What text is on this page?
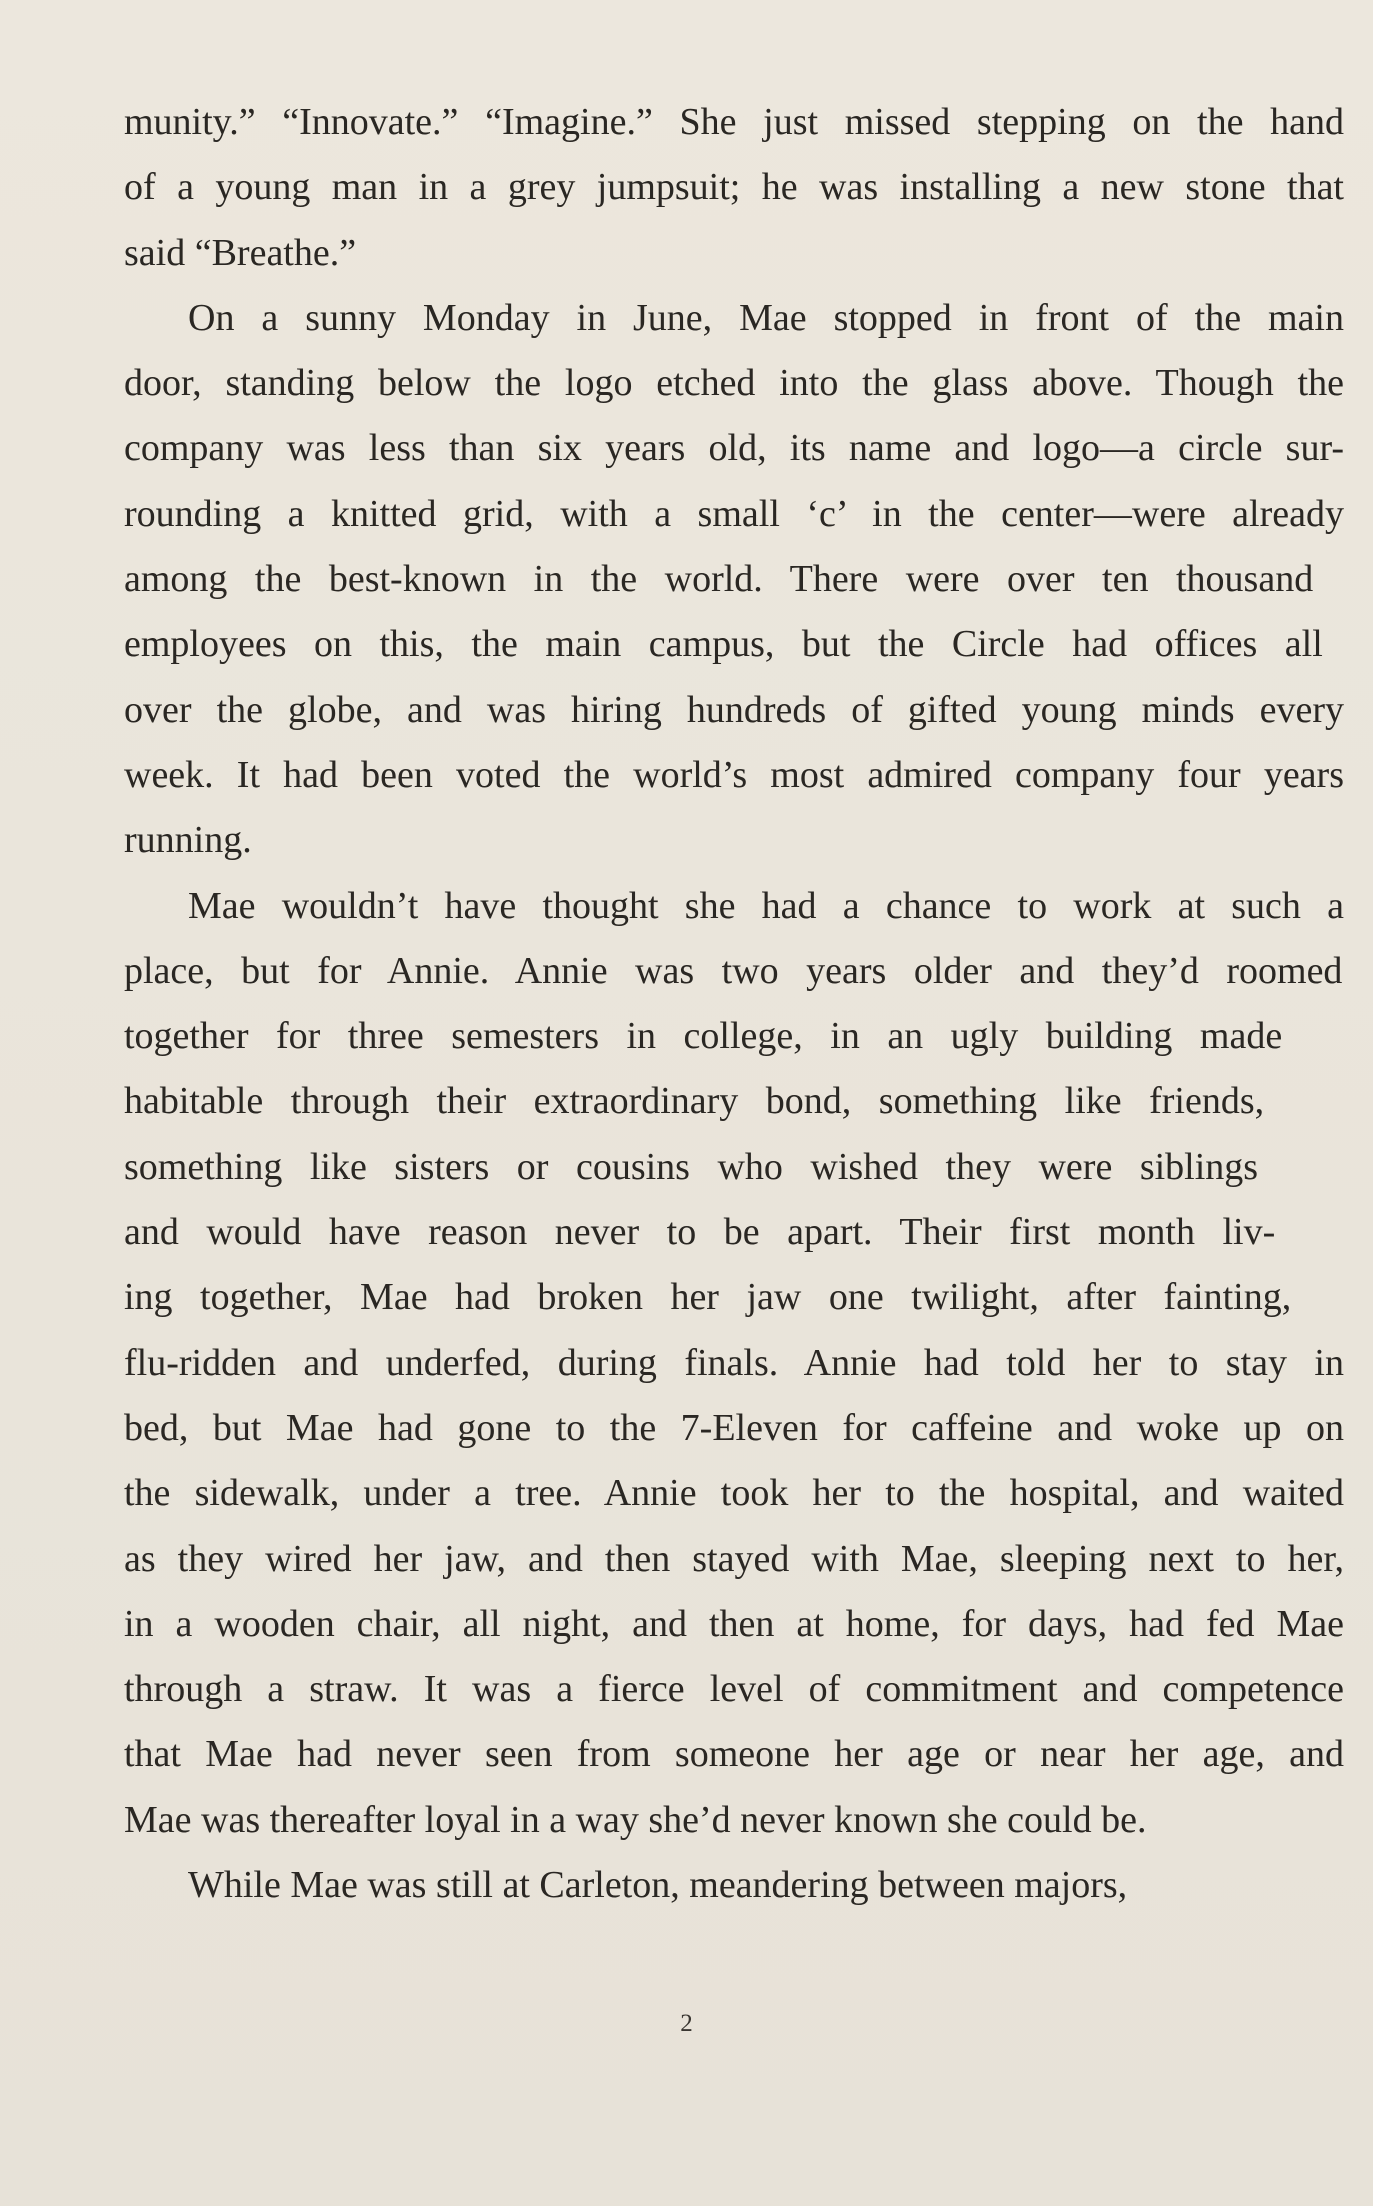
munity.” “Innovate.” “Imagine.” She just missed stepping on the hand
of a young man in a grey jumpsuit; he was installing a new stone that
said “Breathe.”
On a sunny Monday in June, Mae stopped in front of the main
door, standing below the logo etched into the glass above. Though the
company was less than six years old, its name and logo—a circle sur-
rounding a knitted grid, with a small ‘c’ in the center—were already
among the best-known in the world. There were over ten thousand
employees on this, the main campus, but the Circle had offices all
over the globe, and was hiring hundreds of gifted young minds every
week. It had been voted the world’s most admired company four years
running.
Mae wouldn’t have thought she had a chance to work at such a
place, but for Annie. Annie was two years older and they’d roomed
together for three semesters in college, in an ugly building made
habitable through their extraordinary bond, something like friends,
something like sisters or cousins who wished they were siblings
and would have reason never to be apart. Their first month liv-
ing together, Mae had broken her jaw one twilight, after fainting,
flu-ridden and underfed, during finals. Annie had told her to stay in
bed, but Mae had gone to the 7-Eleven for caffeine and woke up on
the sidewalk, under a tree. Annie took her to the hospital, and waited
as they wired her jaw, and then stayed with Mae, sleeping next to her,
in a wooden chair, all night, and then at home, for days, had fed Mae
through a straw. It was a fierce level of commitment and competence
that Mae had never seen from someone her age or near her age, and
Mae was thereafter loyal in a way she’d never known she could be.
While Mae was still at Carleton, meandering between majors,
2
